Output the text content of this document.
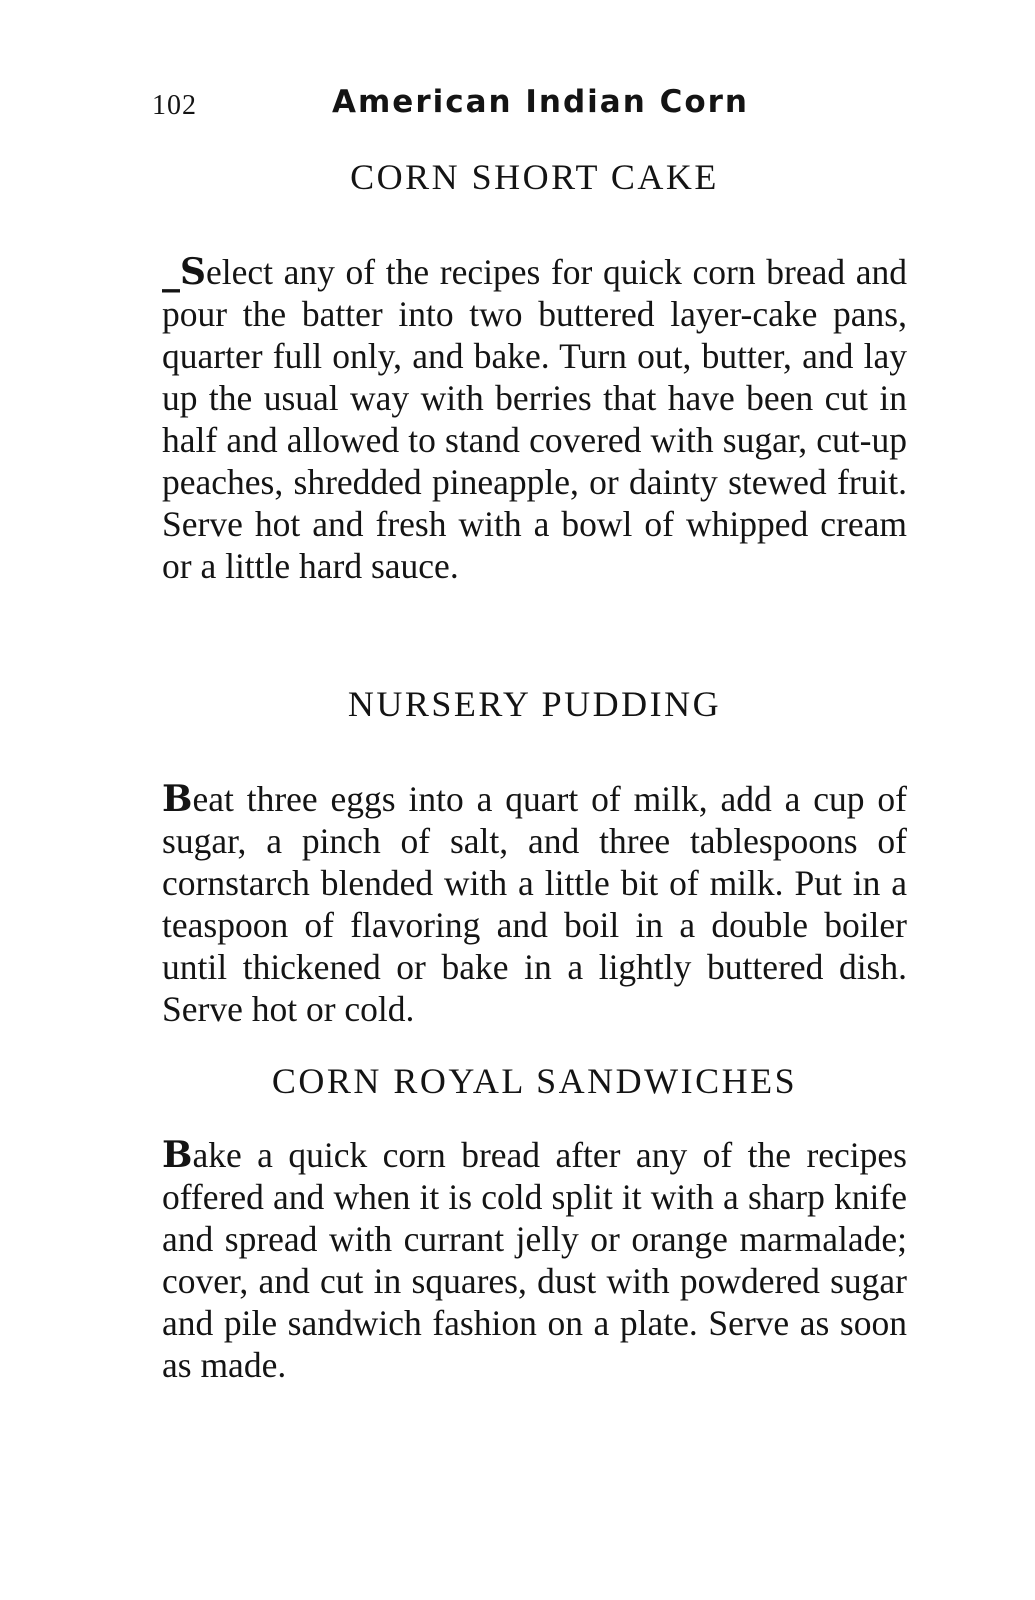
102	American Indian Corn
CORN SHORT CAKE

_Select any of the recipes for quick corn bread and pour the batter into two buttered layer-cake pans, quarter full only, and bake. Turn out, butter, and lay up the usual way with berries that have been cut in half and allowed to stand covered with sugar, cut-up peaches, shredded pineapple, or dainty stewed fruit. Serve hot and fresh with a bowl of whipped cream or a little hard sauce.

NURSERY PUDDING

Beat three eggs into a quart of milk, add a cup of sugar, a pinch of salt, and three tablespoons of cornstarch blended with a little bit of milk. Put in a teaspoon of flavoring and boil in a double boiler until thickened or bake in a lightly buttered dish. Serve hot or cold.

CORN ROYAL SANDWICHES

Bake a quick corn bread after any of the recipes offered and when it is cold split it with a sharp knife and spread with currant jelly or orange marmalade; cover, and cut in squares, dust with powdered sugar and pile sandwich fashion on a plate. Serve as soon as made.
